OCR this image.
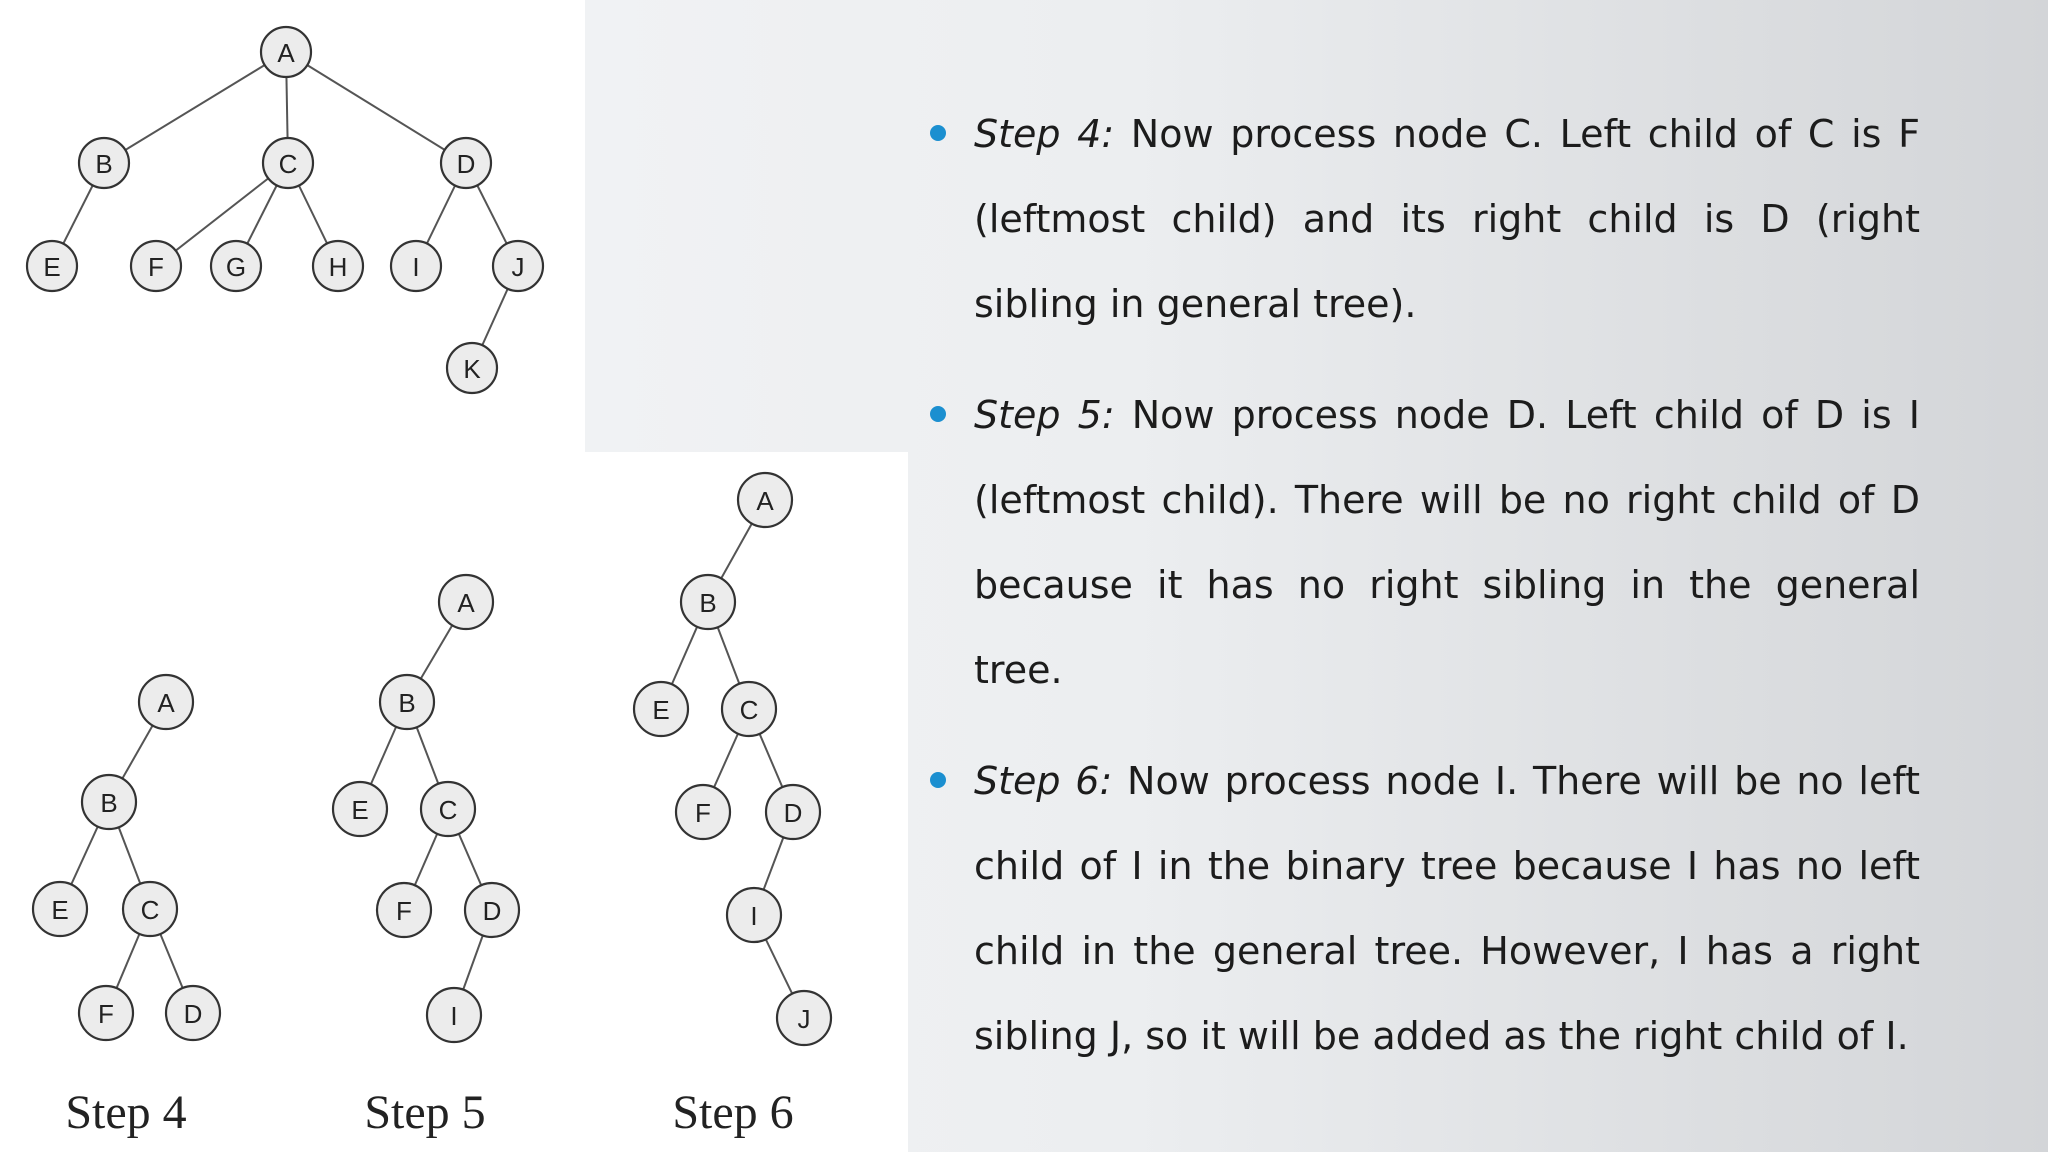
A
B	C	D
E	F G	H I	J
K
A
B
E	C
F	D
Step 4
A
B
E	C
F	D
I
Step 5
A
B
E	C
F	D
I
J
Step 6
Step 4: Now process node C. Left child of C is F (leftmost child) and its right child is D (right sibling in general tree).
Step 5: Now process node D. Left child of D is I (leftmost child). There will be no right child of D because it has no right sibling in the general tree.
Step 6: Now process node I. There will be no left child of I in the binary tree because I has no left child in the general tree. However, I has a right sibling J, so it will be added as the right child of I.
